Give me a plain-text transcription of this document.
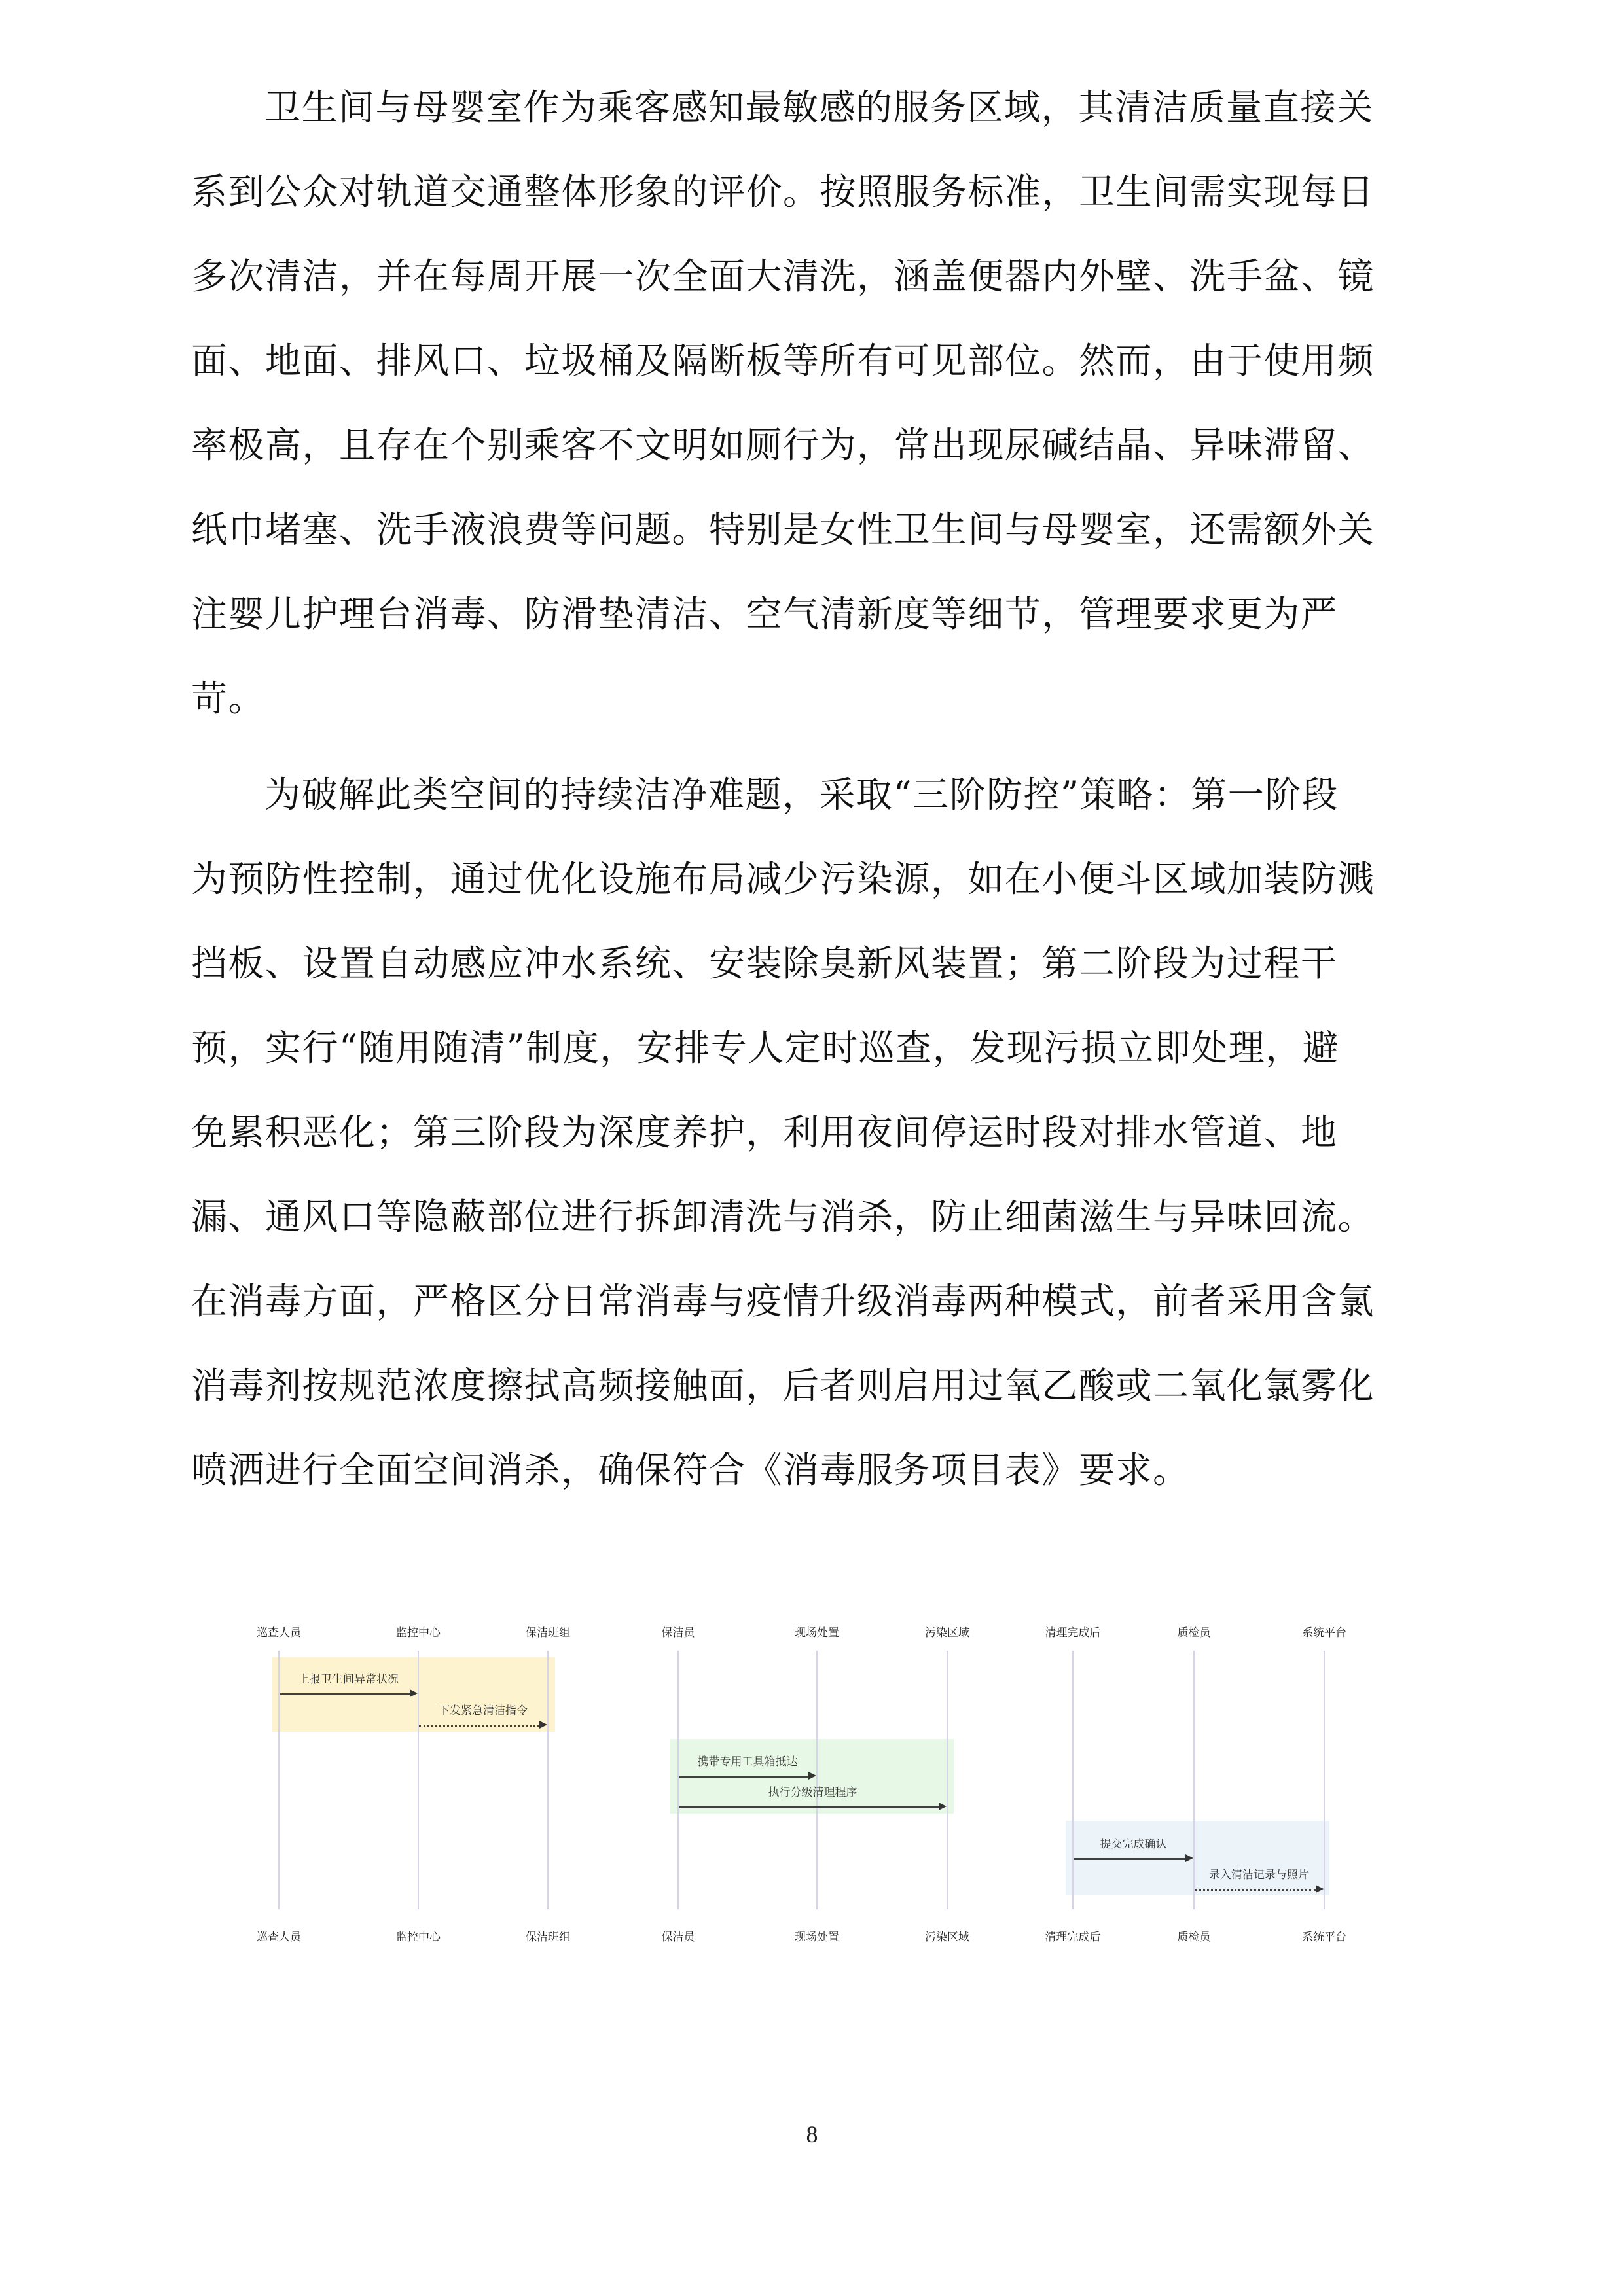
卫生间与母婴室作为乘客感知最敏感的服务区域，其清洁质量直接关
系到公众对轨道交通整体形象的评价。按照服务标准，卫生间需实现每日
多次清洁，并在每周开展一次全面大清洗，涵盖便器内外壁、洗手盆、镜
面、地面、排风口、垃圾桶及隔断板等所有可见部位。然而，由于使用频
率极高，且存在个别乘客不文明如厕行为，常出现尿碱结晶、异味滞留、
纸巾堵塞、洗手液浪费等问题。特别是女性卫生间与母婴室，还需额外关
注婴儿护理台消毒、防滑垫清洁、空气清新度等细节，管理要求更为严
苛。
为破解此类空间的持续洁净难题，采取“三阶防控”策略：第一阶段
为预防性控制，通过优化设施布局减少污染源，如在小便斗区域加装防溅
挡板、设置自动感应冲水系统、安装除臭新风装置；第二阶段为过程干
预，实行“随用随清”制度，安排专人定时巡查，发现污损立即处理，避
免累积恶化；第三阶段为深度养护，利用夜间停运时段对排水管道、地
漏、通风口等隐蔽部位进行拆卸清洗与消杀，防止细菌滋生与异味回流。
在消毒方面，严格区分日常消毒与疫情升级消毒两种模式，前者采用含氯
消毒剂按规范浓度擦拭高频接触面，后者则启用过氧乙酸或二氧化氯雾化
喷洒进行全面空间消杀，确保符合《消毒服务项目表》要求。
巡查人员	监控中心	保洁班组	保洁员	现场处置	污染区域	清理完成后	质检员	系统平台
巡查人员	监控中心	保洁班组	保洁员	现场处置	污染区域	清理完成后	质检员	系统平台
上报卫生间异常状况
下发紧急清洁指令
携带专用工具箱抵达
执行分级清理程序
提交完成确认
录入清洁记录与照片
8
